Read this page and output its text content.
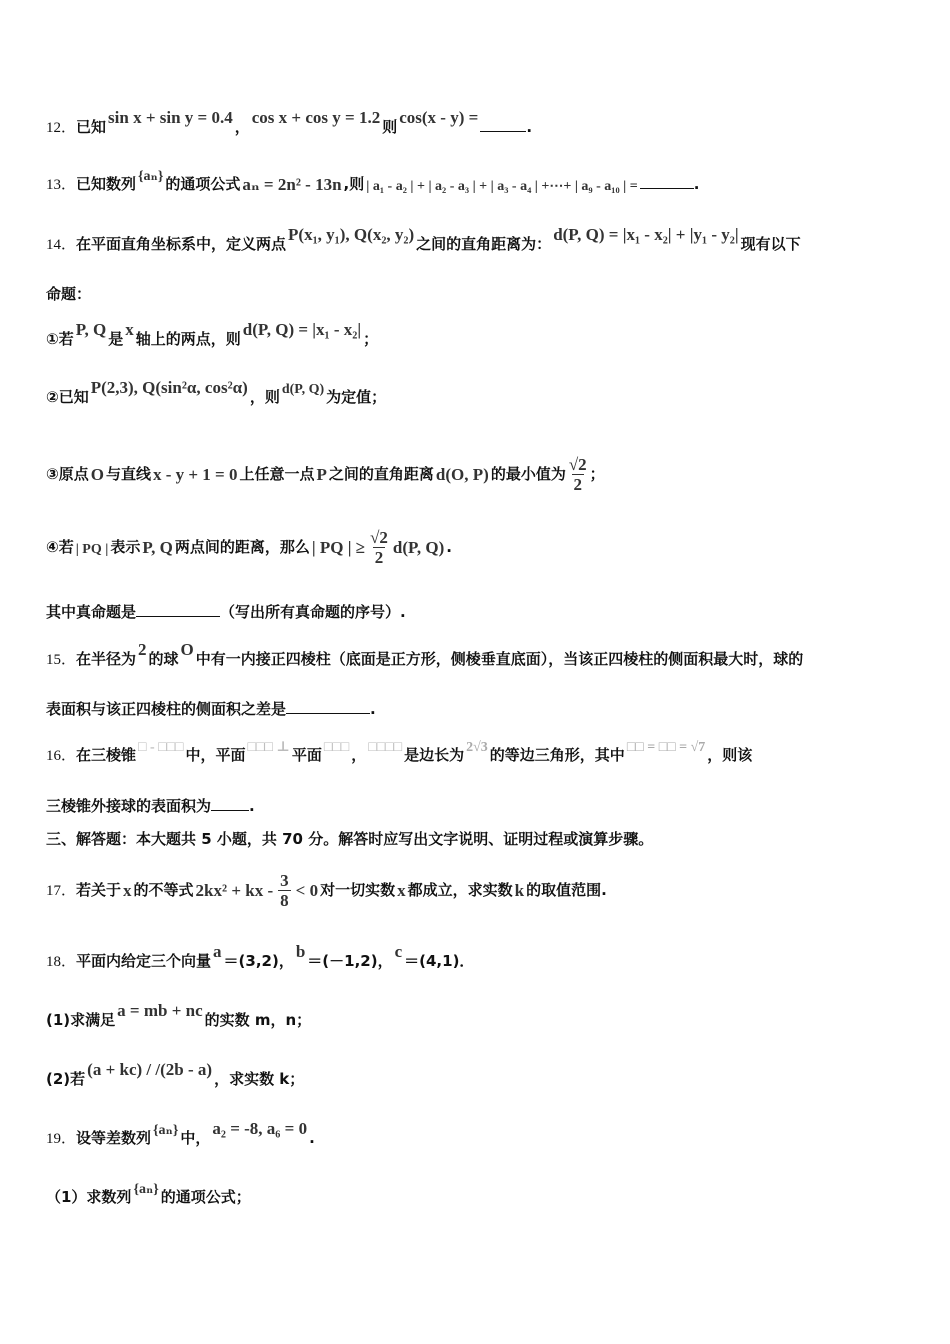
12．已知 sin x + sin y = 0.4 ， cos x + cos y = 1.2 则 cos(x - y) =	.
13．已知数列 {aₙ} 的通项公式 aₙ = 2n² - 13n ,则 | a₁ - a₂ | + | a₂ - a₃ | + | a₃ - a₄ | +⋯+ | a₉ - a₁₀ | =	.
14．在平面直角坐标系中，定义两点 P(x₁, y₁), Q(x₂, y₂) 之间的直角距离为： d(P, Q) = |x₁ - x₂| + |y₁ - y₂| 现有以下
命题：
①若 P, Q 是 x 轴上的两点，则 d(P, Q) = |x₁ - x₂| ；
②已知 P(2,3), Q(sin²α, cos²α) ，则 d(P, Q) 为定值；
③原点 O 与直线 x - y + 1 = 0 上任意一点 P 之间的直角距离 d(O, P) 的最小值为 $\frac{√2}{2}$ ；
④若 | PQ | 表示 P, Q 两点间的距离，那么 | PQ | ≥ $\frac{√2}{2} d(P$, Q) .
其中真命题是	（写出所有真命题的序号）.
15．在半径为 2 的球 O 中有一内接正四棱柱（底面是正方形，侧棱垂直底面），当该正四棱柱的侧面积最大时，球的
表面积与该正四棱柱的侧面积之差是	.
16．在三棱锥 □ - □□□ 中，平面 □□□ ⊥ 平面 □□□ ， □□□□ 是边长为 2√3 的等边三角形，其中 □□ = □□ = √7 ，则该
三棱锥外接球的表面积为	.
三、解答题：本大题共 5 小题，共 70 分。解答时应写出文字说明、证明过程或演算步骤。
17．若关于 x 的不等式 2kx² + kx - $\frac{3}{8} < 0$ 对一切实数 x 都成立，求实数 k 的取值范围.
18．平面内给定三个向量 a ＝(3,2)， b ＝(－1,2)， c ＝(4,1)．
(1)求满足 a = mb + nc 的实数 m，n；
(2)若 (a + kc) / /(2b - a) ，求实数 k；
19．设等差数列 {aₙ} 中， a₂ = -8, a₆ = 0 .
（1）求数列 {aₙ} 的通项公式；
